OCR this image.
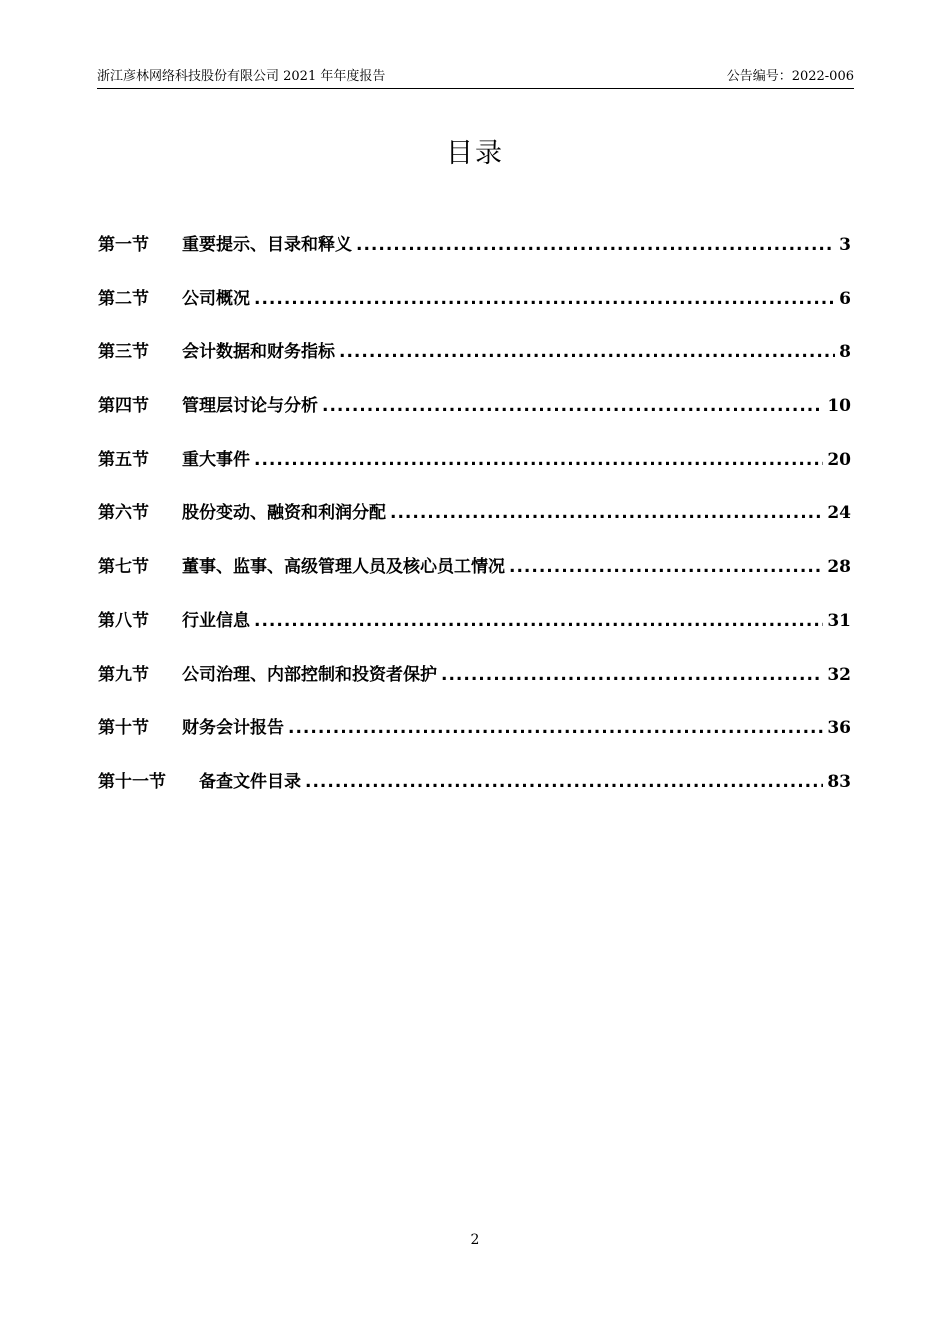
浙江彦林网络科技股份有限公司 2021 年年度报告	公告编号：2022-006
目录
第一节	重要提示、目录和释义 .....	3
第二节	公司概况 .....	6
第三节	会计数据和财务指标 .....	8
第四节	管理层讨论与分析 .....	10
第五节	重大事件 .....	20
第六节	股份变动、融资和利润分配 .....	24
第七节	董事、监事、高级管理人员及核心员工情况 .....	28
第八节	行业信息 .....	31
第九节	公司治理、内部控制和投资者保护 .....	32
第十节	财务会计报告 .....	36
第十一节	备查文件目录 .....	83
2
